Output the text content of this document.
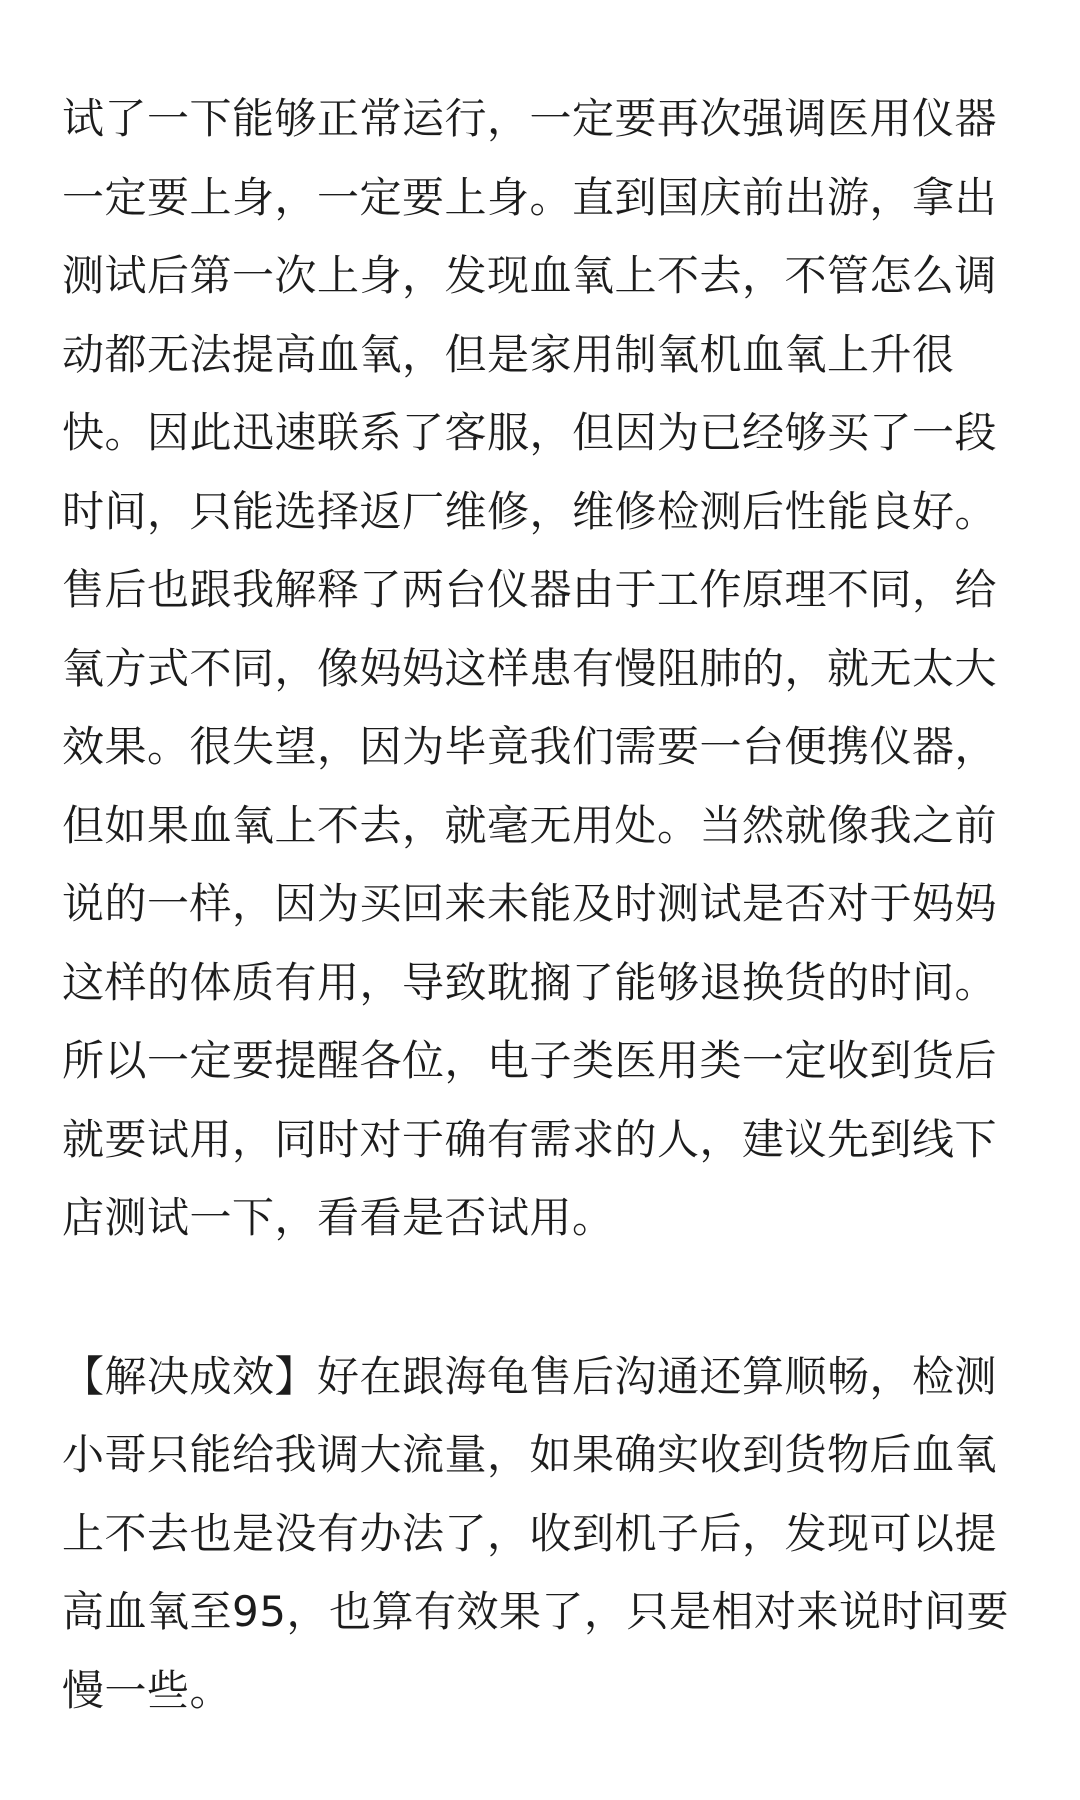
试了一下能够正常运行，一定要再次强调医用仪器
一定要上身，一定要上身。直到国庆前出游，拿出
测试后第一次上身，发现血氧上不去，不管怎么调
动都无法提高血氧，但是家用制氧机血氧上升很
快。因此迅速联系了客服，但因为已经够买了一段
时间，只能选择返厂维修，维修检测后性能良好。
售后也跟我解释了两台仪器由于工作原理不同，给
氧方式不同，像妈妈这样患有慢阻肺的，就无太大
效果。很失望，因为毕竟我们需要一台便携仪器，
但如果血氧上不去，就毫无用处。当然就像我之前
说的一样，因为买回来未能及时测试是否对于妈妈
这样的体质有用，导致耽搁了能够退换货的时间。
所以一定要提醒各位，电子类医用类一定收到货后
就要试用，同时对于确有需求的人，建议先到线下
店测试一下，看看是否试用。

【解决成效】好在跟海龟售后沟通还算顺畅，检测
小哥只能给我调大流量，如果确实收到货物后血氧
上不去也是没有办法了，收到机子后，发现可以提
高血氧至95，也算有效果了，只是相对来说时间要
慢一些。
